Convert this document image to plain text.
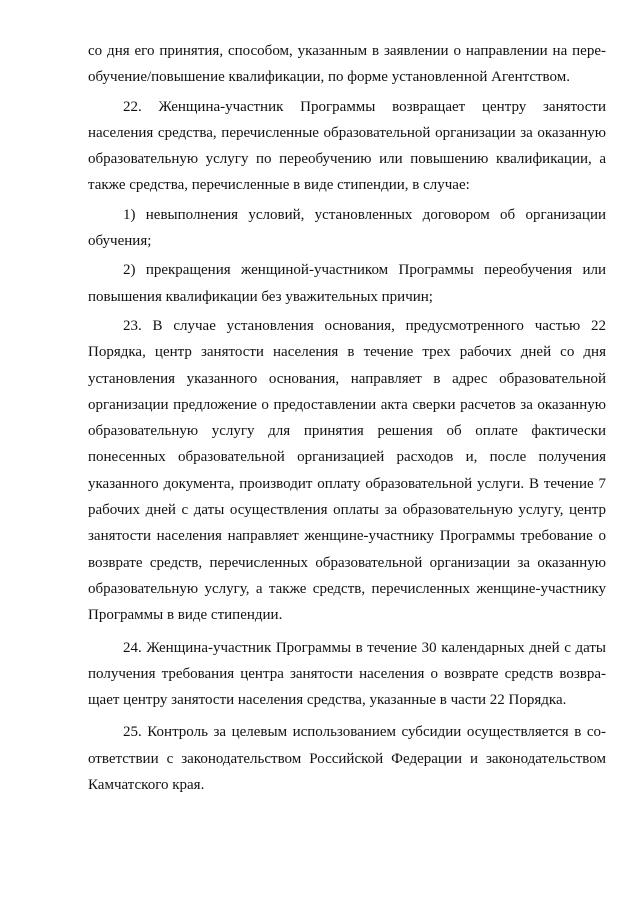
со дня его принятия, способом, указанным в заявлении о направлении на переобучение/повышение квалификации, по форме установленной Агентством.

22. Женщина-участник Программы возвращает центру занятости населения средства, перечисленные образовательной организации за оказанную образовательную услугу по переобучению или повышению квалификации, а также средства, перечисленные в виде стипендии, в случае:

1) невыполнения условий, установленных договором об организации обучения;

2) прекращения женщиной-участником Программы переобучения или повышения квалификации без уважительных причин;

23. В случае установления основания, предусмотренного частью 22 Порядка, центр занятости населения в течение трех рабочих дней со дня установления указанного основания, направляет в адрес образовательной организации предложение о предоставлении акта сверки расчетов за оказанную образовательную услугу для принятия решения об оплате фактически понесенных образовательной организацией расходов и, после получения указанного документа, производит оплату образовательной услуги. В течение 7 рабочих дней с даты осуществления оплаты за образовательную услугу, центр занятости населения направляет женщине-участнику Программы требование о возврате средств, перечисленных образовательной организации за оказанную образовательную услугу, а также средств, перечисленных женщине-участнику Программы в виде стипендии.

24. Женщина-участник Программы в течение 30 календарных дней с даты получения требования центра занятости населения о возврате средств возвращает центру занятости населения средства, указанные в части 22 Порядка.

25. Контроль за целевым использованием субсидии осуществляется в соответствии с законодательством Российской Федерации и законодательством Камчатского края.
